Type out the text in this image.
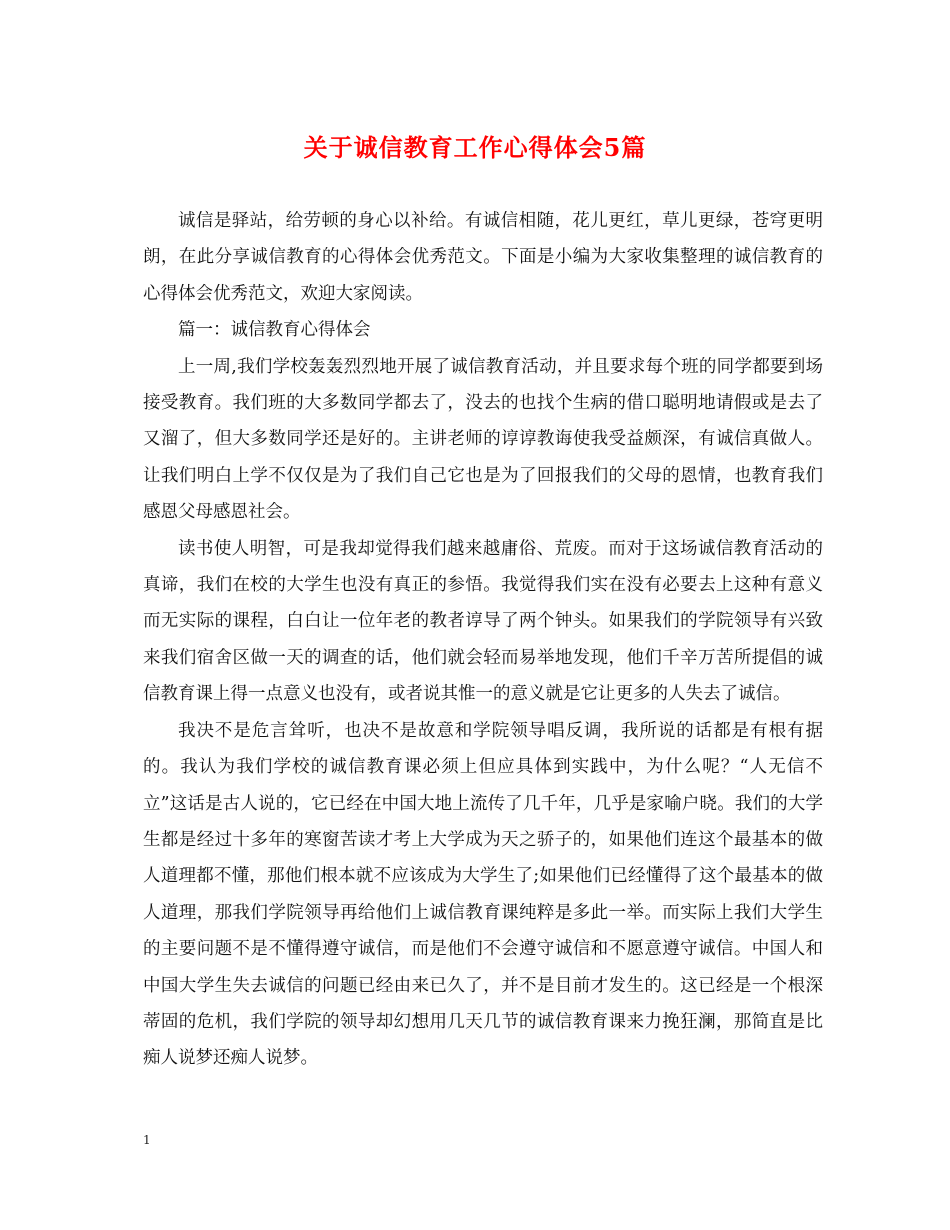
关于诚信教育工作心得体会5篇

诚信是驿站，给劳顿的身心以补给。有诚信相随，花儿更红，草儿更绿，苍穹更明朗，在此分享诚信教育的心得体会优秀范文。下面是小编为大家收集整理的诚信教育的心得体会优秀范文，欢迎大家阅读。

篇一：诚信教育心得体会

上一周,我们学校轰轰烈烈地开展了诚信教育活动，并且要求每个班的同学都要到场接受教育。我们班的大多数同学都去了，没去的也找个生病的借口聪明地请假或是去了又溜了，但大多数同学还是好的。主讲老师的谆谆教诲使我受益颇深，有诚信真做人。让我们明白上学不仅仅是为了我们自己它也是为了回报我们的父母的恩情，也教育我们感恩父母感恩社会。

读书使人明智，可是我却觉得我们越来越庸俗、荒废。而对于这场诚信教育活动的真谛，我们在校的大学生也没有真正的参悟。我觉得我们实在没有必要去上这种有意义而无实际的课程，白白让一位年老的教者谆导了两个钟头。如果我们的学院领导有兴致来我们宿舍区做一天的调查的话，他们就会轻而易举地发现，他们千辛万苦所提倡的诚信教育课上得一点意义也没有，或者说其惟一的意义就是它让更多的人失去了诚信。

我决不是危言耸听，也决不是故意和学院领导唱反调，我所说的话都是有根有据的。我认为我们学校的诚信教育课必须上但应具体到实践中，为什么呢？“人无信不立”这话是古人说的，它已经在中国大地上流传了几千年，几乎是家喻户晓。我们的大学生都是经过十多年的寒窗苦读才考上大学成为天之骄子的，如果他们连这个最基本的做人道理都不懂，那他们根本就不应该成为大学生了;如果他们已经懂得了这个最基本的做人道理，那我们学院领导再给他们上诚信教育课纯粹是多此一举。而实际上我们大学生的主要问题不是不懂得遵守诚信，而是他们不会遵守诚信和不愿意遵守诚信。中国人和中国大学生失去诚信的问题已经由来已久了，并不是目前才发生的。这已经是一个根深蒂固的危机，我们学院的领导却幻想用几天几节的诚信教育课来力挽狂澜，那简直是比痴人说梦还痴人说梦。

1
